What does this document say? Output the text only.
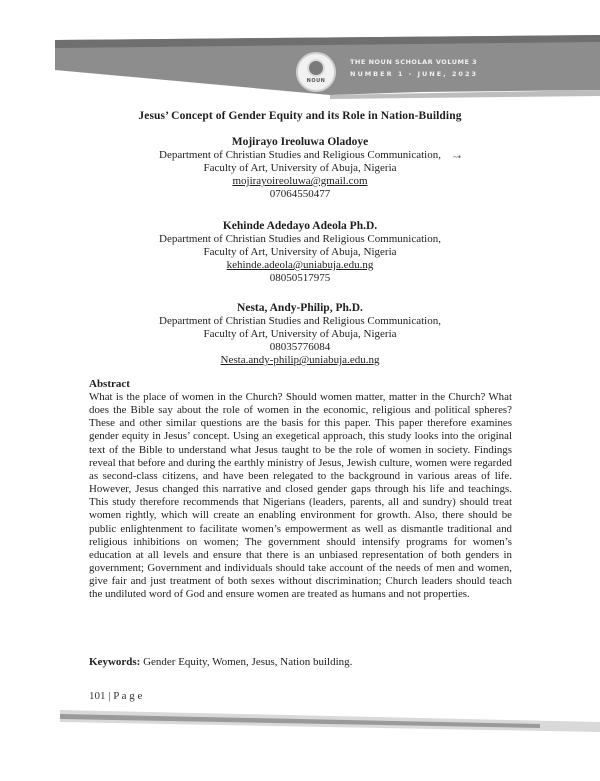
NOUN
THE NOUN SCHOLAR VOLUME 3
NUMBER 1 - JUNE, 2023
Jesus’ Concept of Gender Equity and its Role in Nation-Building
Mojirayo Ireoluwa Oladoye
Department of Christian Studies and Religious Communication,
Faculty of Art, University of Abuja, Nigeria
mojirayoireoluwa@gmail.com
07064550477
~•
Kehinde Adedayo Adeola Ph.D.
Department of Christian Studies and Religious Communication,
Faculty of Art, University of Abuja, Nigeria
kehinde.adeola@uniabuja.edu.ng
08050517975
Nesta, Andy-Philip, Ph.D.
Department of Christian Studies and Religious Communication,
Faculty of Art, University of Abuja, Nigeria
08035776084
Nesta.andy-philip@uniabuja.edu.ng
Abstract
What is the place of women in the Church? Should women matter, matter in the Church? What does the Bible say about the role of women in the economic, religious and political spheres? These and other similar questions are the basis for this paper. This paper therefore examines gender equity in Jesus’ concept. Using an exegetical approach, this study looks into the original text of the Bible to understand what Jesus taught to be the role of women in society. Findings reveal that before and during the earthly ministry of Jesus, Jewish culture, women were regarded as second-class citizens, and have been relegated to the background in various areas of life. However, Jesus changed this narrative and closed gender gaps through his life and teachings. This study therefore recommends that Nigerians (leaders, parents, all and sundry) should treat women rightly, which will create an enabling environment for growth. Also, there should be public enlightenment to facilitate women’s empowerment as well as dismantle traditional and religious inhibitions on women; The government should intensify programs for women’s education at all levels and ensure that there is an unbiased representation of both genders in government; Government and individuals should take account of the needs of men and women, give fair and just treatment of both sexes without discrimination; Church leaders should teach the undiluted word of God and ensure women are treated as humans and not properties.
Keywords: Gender Equity, Women, Jesus, Nation building.
101 | P a g e
